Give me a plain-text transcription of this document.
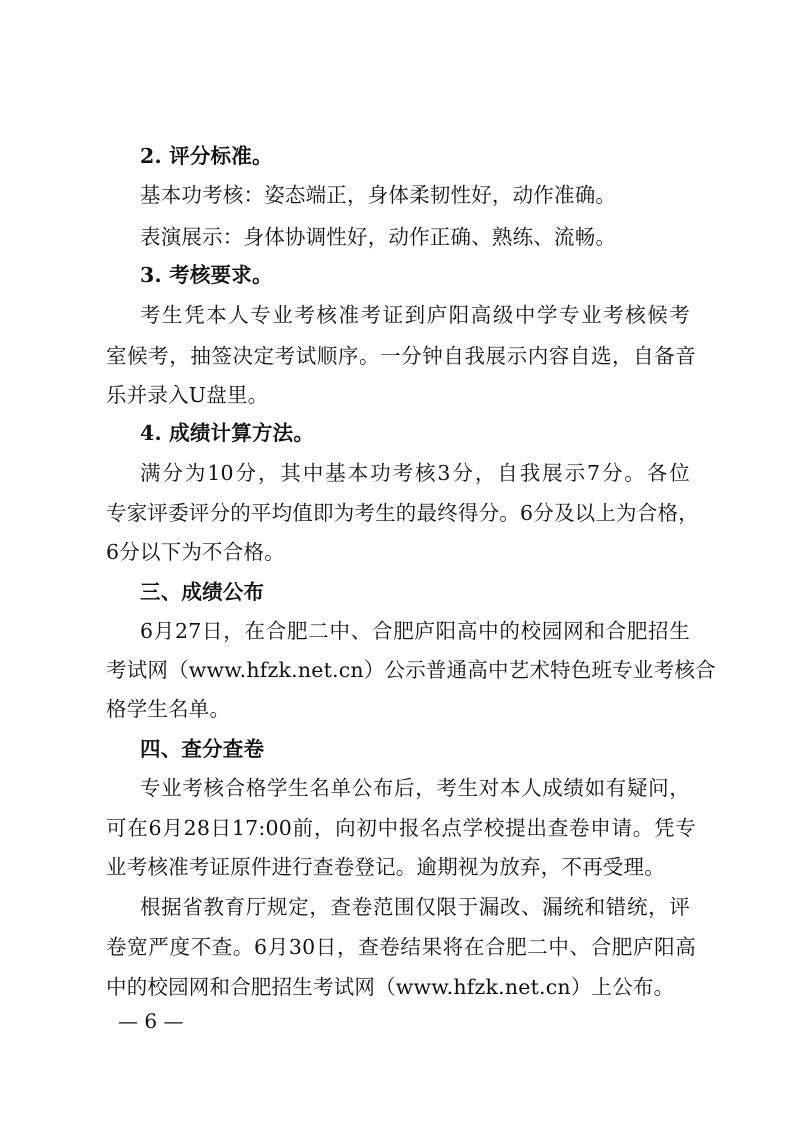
2. 评分标准。
基本功考核：姿态端正，身体柔韧性好，动作准确。
表演展示：身体协调性好，动作正确、熟练、流畅。
3. 考核要求。
考生凭本人专业考核准考证到庐阳高级中学专业考核候考
室候考，抽签决定考试顺序。一分钟自我展示内容自选，自备音
乐并录入U盘里。
4. 成绩计算方法。
满分为10分，其中基本功考核3分，自我展示7分。各位
专家评委评分的平均值即为考生的最终得分。6分及以上为合格，
6分以下为不合格。
三、成绩公布
6月27日，在合肥二中、合肥庐阳高中的校园网和合肥招生
考试网（www.hfzk.net.cn）公示普通高中艺术特色班专业考核合
格学生名单。
四、查分查卷
专业考核合格学生名单公布后，考生对本人成绩如有疑问，
可在6月28日17:00前，向初中报名点学校提出查卷申请。凭专
业考核准考证原件进行查卷登记。逾期视为放弃，不再受理。
根据省教育厅规定，查卷范围仅限于漏改、漏统和错统，评
卷宽严度不查。6月30日，查卷结果将在合肥二中、合肥庐阳高
中的校园网和合肥招生考试网（www.hfzk.net.cn）上公布。
— 6 —
